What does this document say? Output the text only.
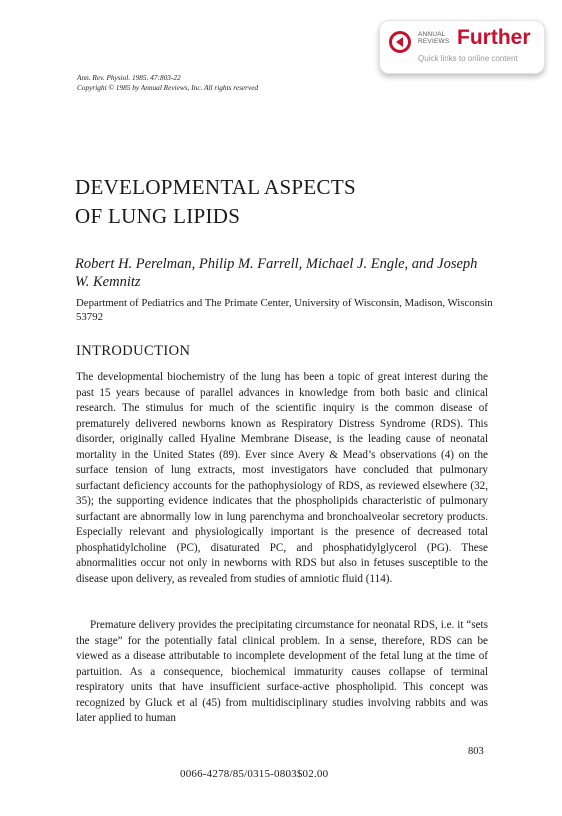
ANNUAL
REVIEWS Further
Quick links to online content
Ann. Rev. Physiol. 1985. 47:803-22
Copyright © 1985 by Annual Reviews, Inc. All rights reserved
DEVELOPMENTAL ASPECTS
OF LUNG LIPIDS
Robert H. Perelman, Philip M. Farrell, Michael J. Engle, and Joseph W. Kemnitz
Department of Pediatrics and The Primate Center, University of Wisconsin, Madison, Wisconsin 53792
INTRODUCTION

The developmental biochemistry of the lung has been a topic of great interest during the past 15 years because of parallel advances in knowledge from both basic and clinical research. The stimulus for much of the scientific inquiry is the common disease of prematurely delivered newborns known as Respiratory Distress Syndrome (RDS). This disorder, originally called Hyaline Membrane Disease, is the leading cause of neonatal mortality in the United States (89). Ever since Avery & Mead’s observations (4) on the surface tension of lung extracts, most investigators have concluded that pulmonary surfactant deficiency accounts for the pathophysiology of RDS, as reviewed elsewhere (32, 35); the supporting evidence indicates that the phospholipids characteristic of pulmonary surfactant are abnormally low in lung parenchyma and bronchoalveolar secretory products. Especially relevant and physiologically important is the presence of decreased total phosphatidylcholine (PC), disaturated PC, and phosphatidylglycerol (PG). These abnormalities occur not only in newborns with RDS but also in fetuses susceptible to the disease upon delivery, as revealed from studies of amniotic fluid (114).

Premature delivery provides the precipitating circumstance for neonatal RDS, i.e. it “sets the stage” for the potentially fatal clinical problem. In a sense, therefore, RDS can be viewed as a disease attributable to incomplete development of the fetal lung at the time of partuition. As a consequence, biochemical immaturity causes collapse of terminal respiratory units that have insufficient surface-active phospholipid. This concept was recognized by Gluck et al (45) from multidisciplinary studies involving rabbits and was later applied to human

803
0066-4278/85/0315-0803$02.00
